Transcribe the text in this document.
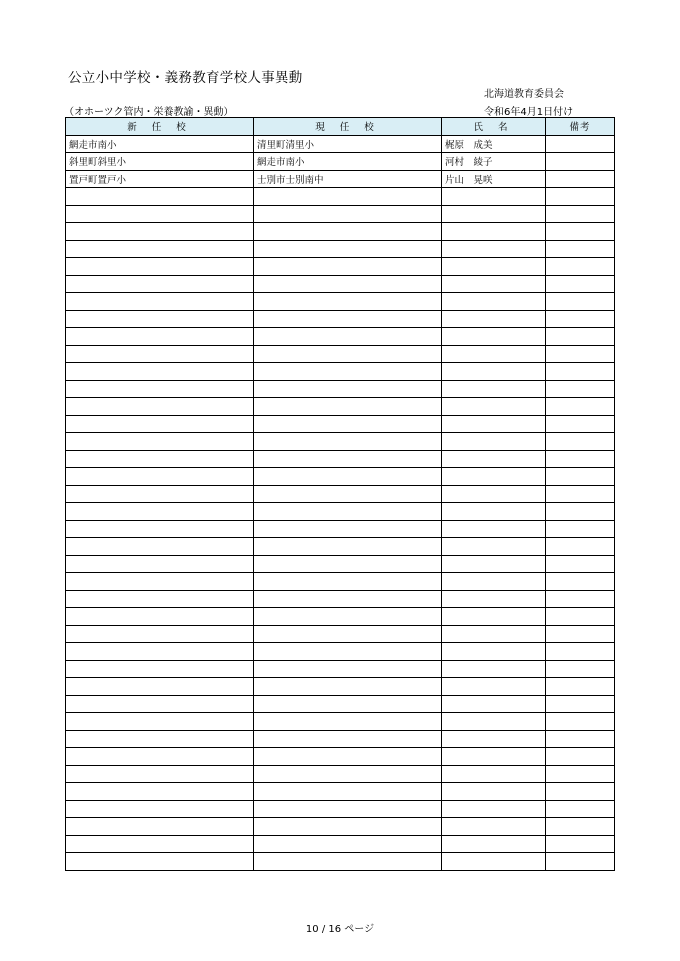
公立小中学校・義務教育学校人事異動
北海道教育委員会
（オホーツク管内・栄養教諭・異動）	令和6年4月1日付け
新 任 校	現 任 校	氏 名	備考
網走市南小	清里町清里小	梶原　成美	
斜里町斜里小	網走市南小	河村　綾子	
置戸町置戸小	士別市士別南中	片山　晃咲	

10 / 16 ページ
